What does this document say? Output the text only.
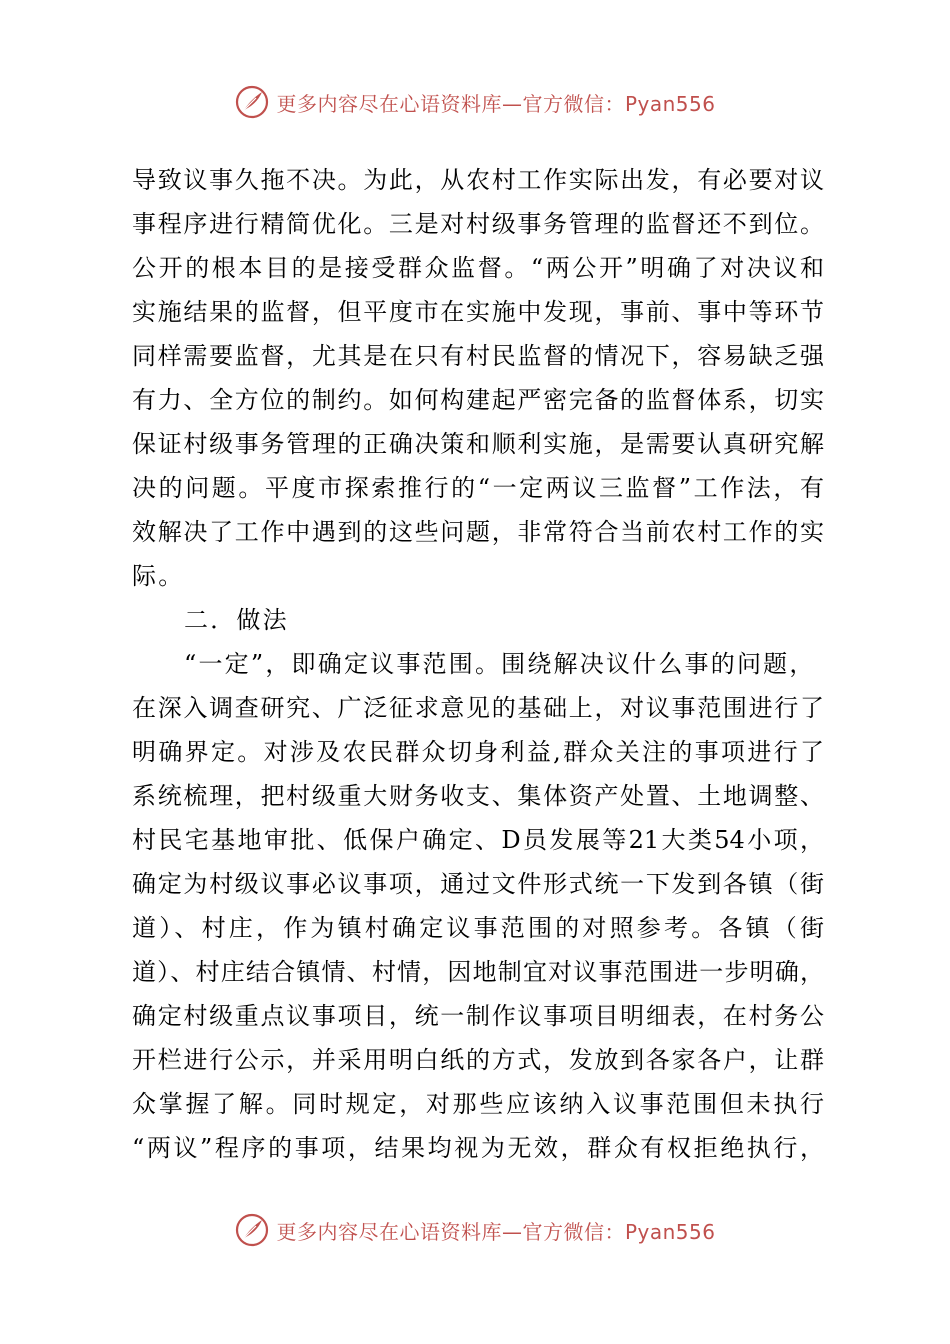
更多内容尽在心语资料库—官方微信：Pyan556
导致议事久拖不决。为此，从农村工作实际出发，有必要对议
事程序进行精简优化。三是对村级事务管理的监督还不到位。
公开的根本目的是接受群众监督。“两公开”明确了对决议和
实施结果的监督，但平度市在实施中发现，事前、事中等环节
同样需要监督，尤其是在只有村民监督的情况下，容易缺乏强
有力、全方位的制约。如何构建起严密完备的监督体系，切实
保证村级事务管理的正确决策和顺利实施，是需要认真研究解
决的问题。平度市探索推行的“一定两议三监督”工作法，有
效解决了工作中遇到的这些问题，非常符合当前农村工作的实
际。
二．做法
“一定”，即确定议事范围。围绕解决议什么事的问题，
在深入调查研究、广泛征求意见的基础上，对议事范围进行了
明确界定。对涉及农民群众切身利益,群众关注的事项进行了
系统梳理，把村级重大财务收支、集体资产处置、土地调整、
村民宅基地审批、低保户确定、D员发展等21大类54小项，
确定为村级议事必议事项，通过文件形式统一下发到各镇（街
道）、村庄，作为镇村确定议事范围的对照参考。各镇（街
道）、村庄结合镇情、村情，因地制宜对议事范围进一步明确，
确定村级重点议事项目，统一制作议事项目明细表，在村务公
开栏进行公示，并采用明白纸的方式，发放到各家各户，让群
众掌握了解。同时规定，对那些应该纳入议事范围但未执行
“两议”程序的事项，结果均视为无效，群众有权拒绝执行，
更多内容尽在心语资料库—官方微信：Pyan556
